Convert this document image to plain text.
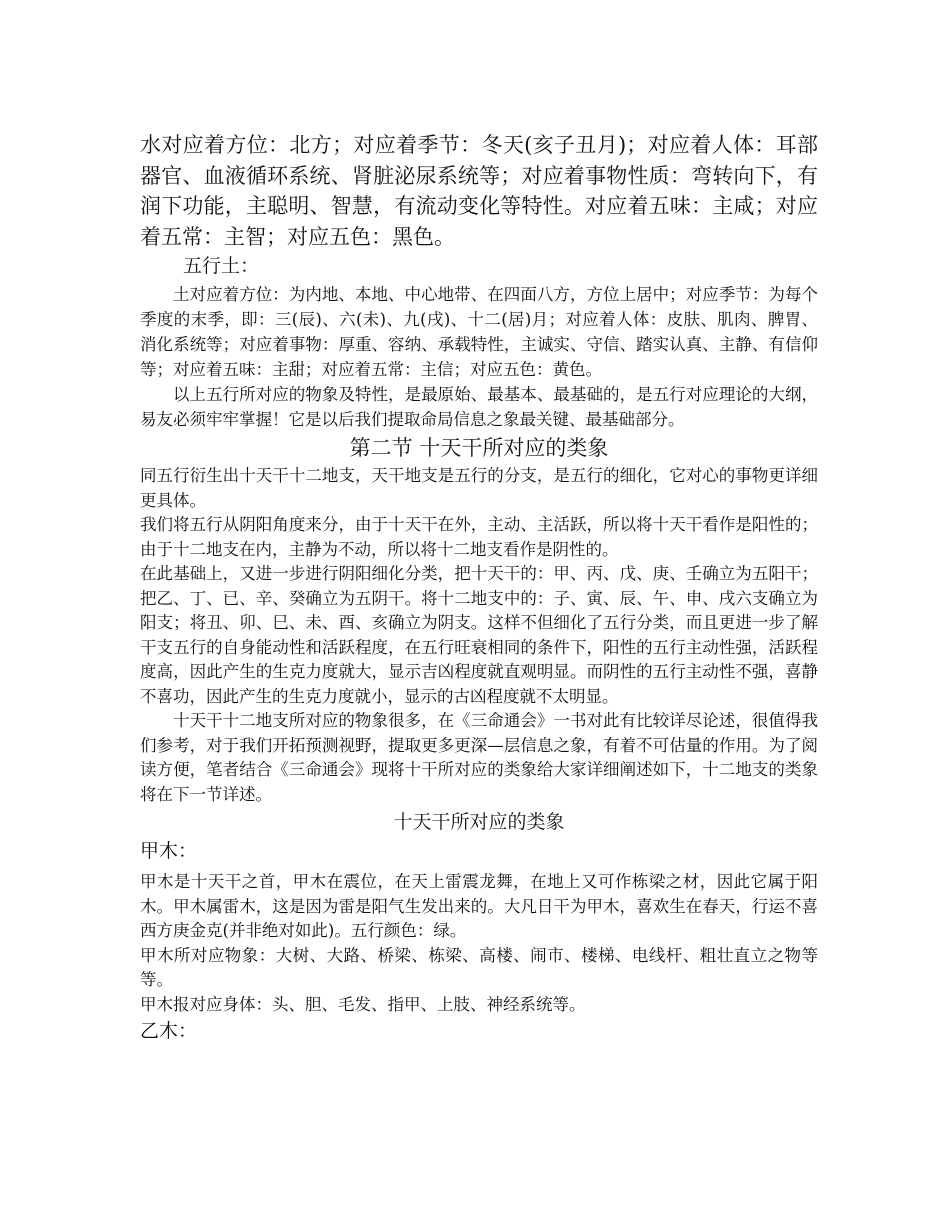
水对应着方位：北方；对应着季节：冬天(亥子丑月)；对应着人体：耳部器官、血液循环系统、肾脏泌尿系统等；对应着事物性质：弯转向下，有润下功能，主聪明、智慧，有流动变化等特性。对应着五味：主咸；对应着五常：主智；对应五色：黑色。

五行土：

土对应着方位：为内地、本地、中心地带、在四面八方，方位上居中；对应季节：为每个季度的末季，即：三(辰)、六(未)、九(戌)、十二(居)月；对应着人体：皮肤、肌肉、脾胃、消化系统等；对应着事物：厚重、容纳、承载特性，主诚实、守信、踏实认真、主静、有信仰等；对应着五味：主甜；对应着五常：主信；对应五色：黄色。

以上五行所对应的物象及特性，是最原始、最基本、最基础的，是五行对应理论的大纲，易友必须牢牢掌握！它是以后我们提取命局信息之象最关键、最基础部分。

第二节 十天干所对应的类象

同五行衍生出十天干十二地支，天干地支是五行的分支，是五行的细化，它对心的事物更详细更具体。

我们将五行从阴阳角度来分，由于十天干在外，主动、主活跃，所以将十天干看作是阳性的；由于十二地支在内，主静为不动，所以将十二地支看作是阴性的。

在此基础上，又进一步进行阴阳细化分类，把十天干的：甲、丙、戊、庚、壬确立为五阳干；把乙、丁、已、辛、癸确立为五阴干。将十二地支中的：子、寅、辰、午、申、戌六支确立为阳支；将丑、卯、巳、未、酉、亥确立为阴支。这样不但细化了五行分类，而且更进一步了解干支五行的自身能动性和活跃程度，在五行旺衰相同的条件下，阳性的五行主动性强，活跃程度高，因此产生的生克力度就大，显示吉凶程度就直观明显。而阴性的五行主动性不强，喜静不喜功，因此产生的生克力度就小，显示的古凶程度就不太明显。

十天干十二地支所对应的物象很多，在《三命通会》一书对此有比较详尽论述，很值得我们参考，对于我们开拓预测视野，提取更多更深—层信息之象，有着不可估量的作用。为了阅读方便，笔者结合《三命通会》现将十干所对应的类象给大家详细阐述如下，十二地支的类象将在下一节详述。

十天干所对应的类象

甲木：

甲木是十天干之首，甲木在震位，在天上雷震龙舞，在地上又可作栋梁之材，因此它属于阳木。甲木属雷木，这是因为雷是阳气生发出来的。大凡日干为甲木，喜欢生在春天，行运不喜西方庚金克(并非绝对如此)。五行颜色：绿。

甲木所对应物象：大树、大路、桥梁、栋梁、高楼、闹市、楼梯、电线杆、粗壮直立之物等等。

甲木报对应身体：头、胆、毛发、指甲、上肢、神经系统等。

乙木：
